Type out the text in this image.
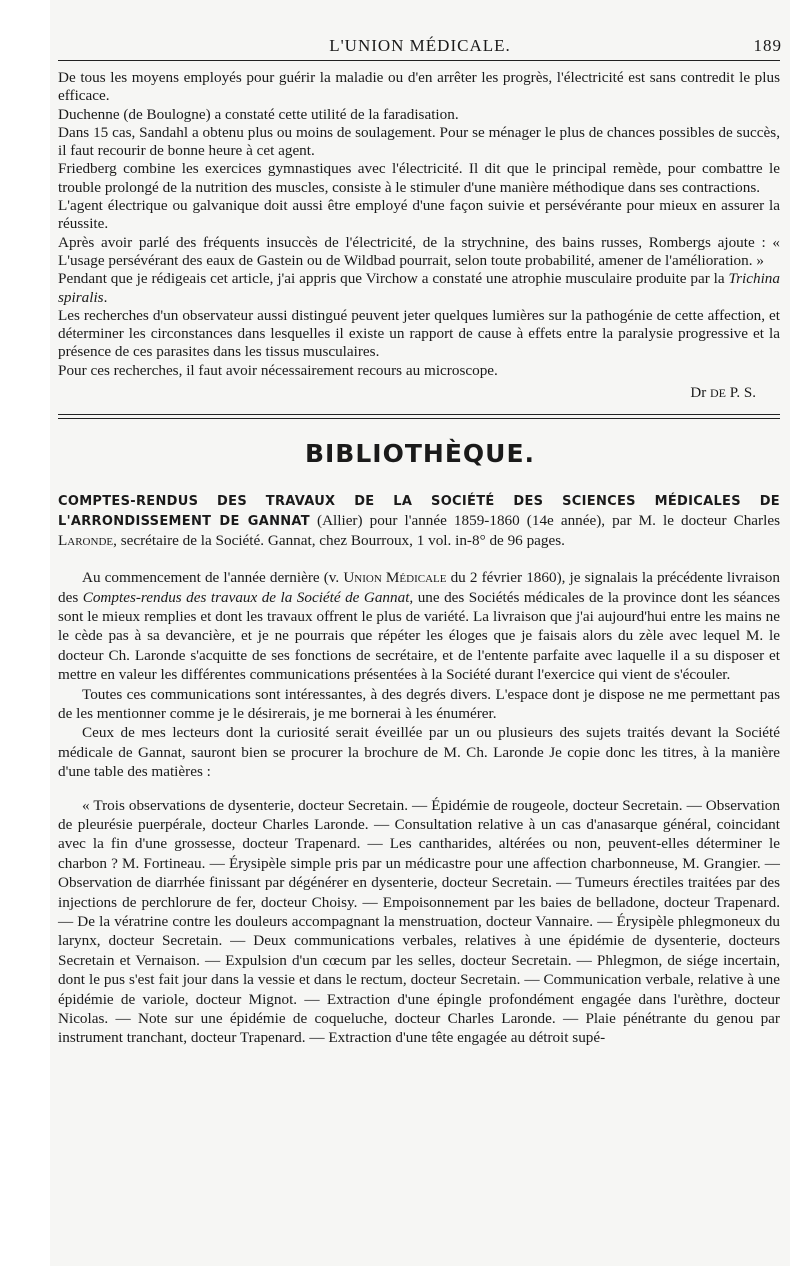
L'UNION MÉDICALE.	189

De tous les moyens employés pour guérir la maladie ou d'en arrêter les progrès, l'électricité est sans contredit le plus efficace.

Duchenne (de Boulogne) a constaté cette utilité de la faradisation.

Dans 15 cas, Sandahl a obtenu plus ou moins de soulagement. Pour se ménager le plus de chances possibles de succès, il faut recourir de bonne heure à cet agent.

Friedberg combine les exercices gymnastiques avec l'électricité. Il dit que le principal remède, pour combattre le trouble prolongé de la nutrition des muscles, consiste à le stimuler d'une manière méthodique dans ses contractions.

L'agent électrique ou galvanique doit aussi être employé d'une façon suivie et persévérante pour mieux en assurer la réussite.

Après avoir parlé des fréquents insuccès de l'électricité, de la strychnine, des bains russes, Rombergs ajoute : « L'usage persévérant des eaux de Gastein ou de Wildbad pourrait, selon toute probabilité, amener de l'amélioration. »

Pendant que je rédigeais cet article, j'ai appris que Virchow a constaté une atrophie musculaire produite par la Trichina spiralis.

Les recherches d'un observateur aussi distingué peuvent jeter quelques lumières sur la pathogénie de cette affection, et déterminer les circonstances dans lesquelles il existe un rapport de cause à effets entre la paralysie progressive et la présence de ces parasites dans les tissus musculaires.

Pour ces recherches, il faut avoir nécessairement recours au microscope.

Dr DE P. S.
BIBLIOTHÈQUE.
COMPTES-RENDUS DES TRAVAUX DE LA SOCIÉTÉ DES SCIENCES MÉDICALES DE L'ARRONDISSEMENT DE GANNAT (Allier) pour l'année 1859-1860 (14e année), par M. le docteur Charles Laronde, secrétaire de la Société. Gannat, chez Bourroux, 1 vol. in-8° de 96 pages.

Au commencement de l'année dernière (v. Union Médicale du 2 février 1860), je signalais la précédente livraison des Comptes-rendus des travaux de la Société de Gannat, une des Sociétés médicales de la province dont les séances sont le mieux remplies et dont les travaux offrent le plus de variété. La livraison que j'ai aujourd'hui entre les mains ne le cède pas à sa devancière, et je ne pourrais que répéter les éloges que je faisais alors du zèle avec lequel M. le docteur Ch. Laronde s'acquitte de ses fonctions de secrétaire, et de l'entente parfaite avec laquelle il a su disposer et mettre en valeur les différentes communications présentées à la Société durant l'exercice qui vient de s'écouler.

Toutes ces communications sont intéressantes, à des degrés divers. L'espace dont je dispose ne me permettant pas de les mentionner comme je le désirerais, je me bornerai à les énumérer.

Ceux de mes lecteurs dont la curiosité serait éveillée par un ou plusieurs des sujets traités devant la Société médicale de Gannat, sauront bien se procurer la brochure de M. Ch. Laronde Je copie donc les titres, à la manière d'une table des matières :

« Trois observations de dysenterie, docteur Secretain. — Épidémie de rougeole, docteur Secretain. — Observation de pleurésie puerpérale, docteur Charles Laronde. — Consultation relative à un cas d'anasarque général, coincidant avec la fin d'une grossesse, docteur Trapenard. — Les cantharides, altérées ou non, peuvent-elles déterminer le charbon ? M. Fortineau. — Érysipèle simple pris par un médicastre pour une affection charbonneuse, M. Grangier. — Observation de diarrhée finissant par dégénérer en dysenterie, docteur Secretain. — Tumeurs érectiles traitées par des injections de perchlorure de fer, docteur Choisy. — Empoisonnement par les baies de belladone, docteur Trapenard. — De la vératrine contre les douleurs accompagnant la menstruation, docteur Vannaire. — Érysipèle phlegmoneux du larynx, docteur Secretain. — Deux communications verbales, relatives à une épidémie de dysenterie, docteurs Secretain et Vernaison. — Expulsion d'un cœcum par les selles, docteur Secretain. — Phlegmon, de siége incertain, dont le pus s'est fait jour dans la vessie et dans le rectum, docteur Secretain. — Communication verbale, relative à une épidémie de variole, docteur Mignot. — Extraction d'une épingle profondément engagée dans l'urèthre, docteur Nicolas. — Note sur une épidémie de coqueluche, docteur Charles Laronde. — Plaie pénétrante du genou par instrument tranchant, docteur Trapenard. — Extraction d'une tête engagée au détroit supé-
